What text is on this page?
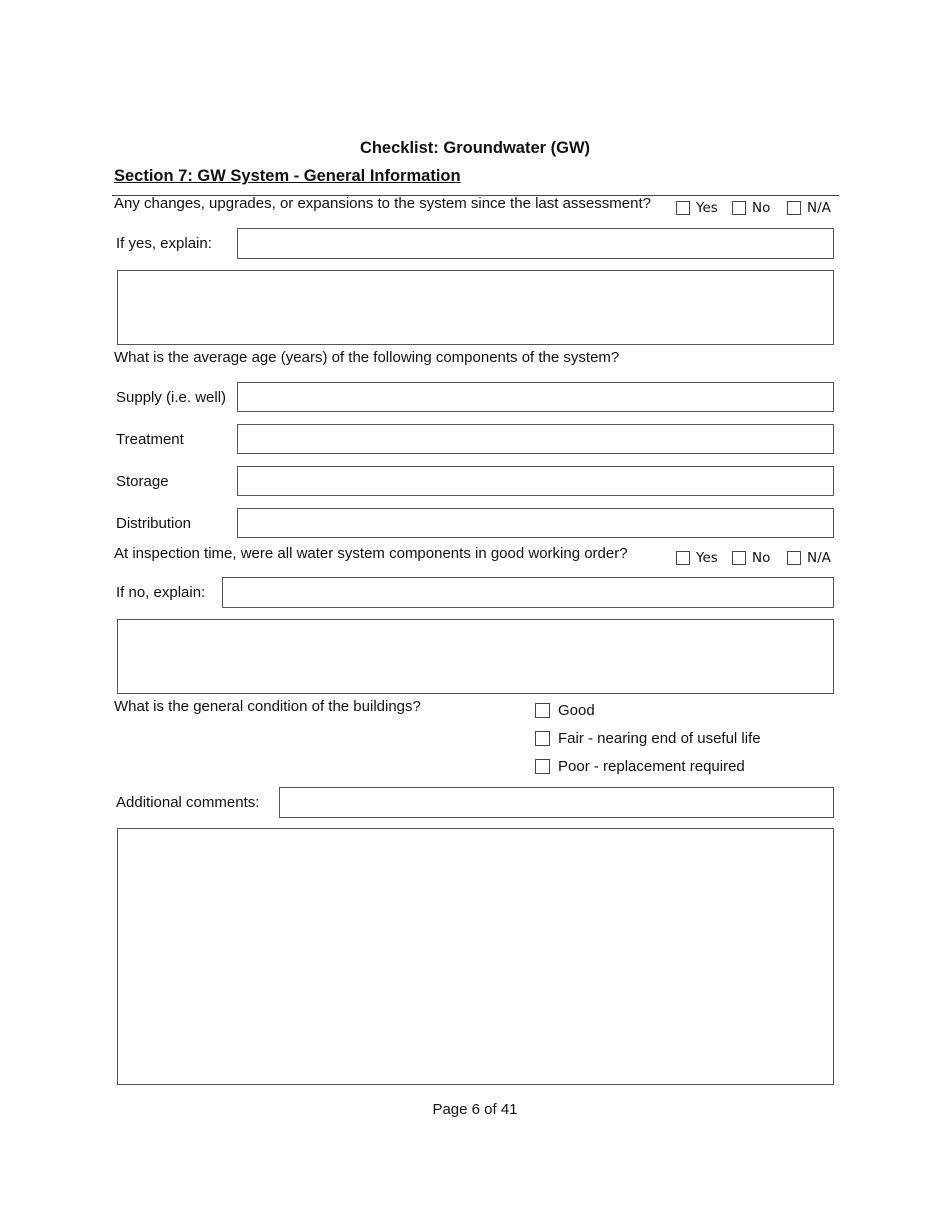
Checklist: Groundwater (GW)
Section 7: GW System - General Information
Any changes, upgrades, or expansions to the system since the last assessment?	Yes	No	N/A
If yes, explain:
What is the average age (years) of the following components of the system?
Supply (i.e. well)
Treatment
Storage
Distribution
At inspection time, were all water system components in good working order?	Yes	No	N/A
If no, explain:
What is the general condition of the buildings?	Good
Fair - nearing end of useful life
Poor - replacement required
Additional comments:
Page 6 of 41
